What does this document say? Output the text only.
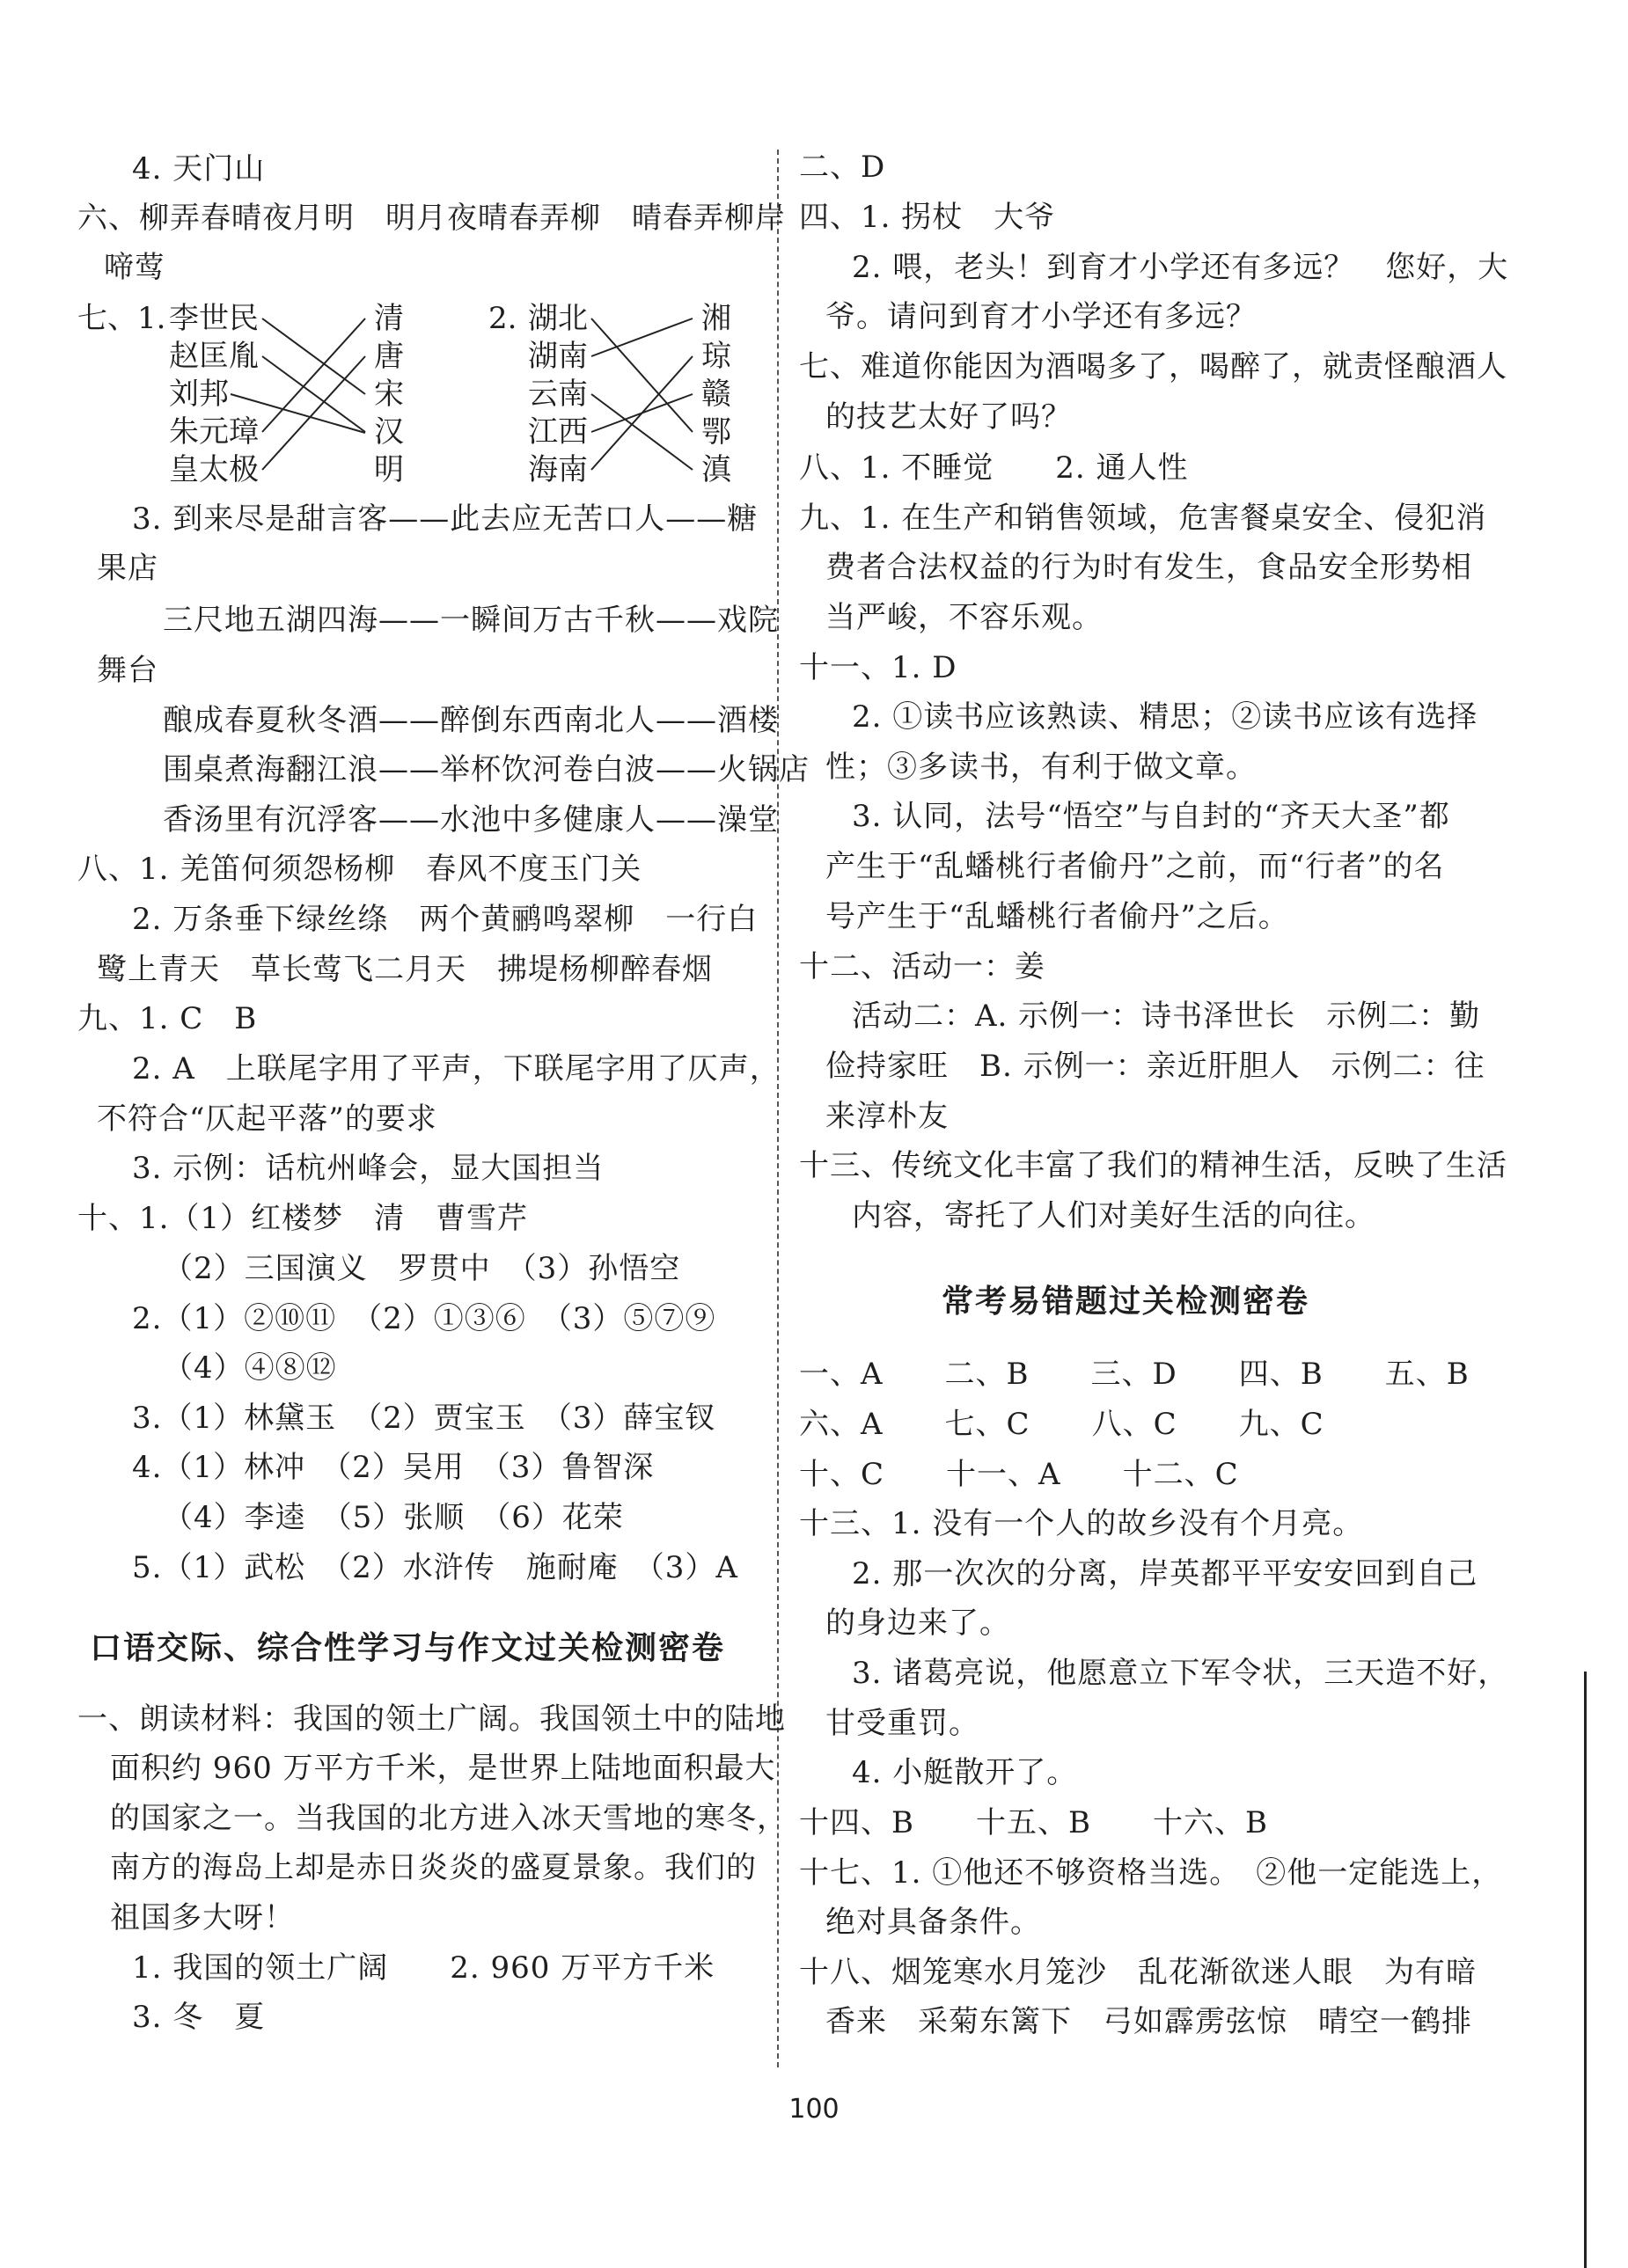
4. 天门山
六、柳弄春晴夜月明　明月夜晴春弄柳　晴春弄柳岸
啼莺
七、1. 李世民
赵匡胤
刘邦
朱元璋
皇太极
清
唐
宋
汉
明
2. 湖北
湖南
云南
江西
海南
湘
琼
赣
鄂
滇
3. 到来尽是甜言客——此去应无苦口人——糖
果店
三尺地五湖四海——一瞬间万古千秋——戏院
舞台
酿成春夏秋冬酒——醉倒东西南北人——酒楼
围桌煮海翻江浪——举杯饮河卷白波——火锅店
香汤里有沉浮客——水池中多健康人——澡堂
八、1. 羌笛何须怨杨柳　春风不度玉门关
2. 万条垂下绿丝绦　两个黄鹂鸣翠柳　一行白
鹭上青天　草长莺飞二月天　拂堤杨柳醉春烟
九、1. C　B
2. A　上联尾字用了平声，下联尾字用了仄声，
不符合“仄起平落”的要求
3. 示例：话杭州峰会，显大国担当
十、1.（1）红楼梦　清　曹雪芹
（2）三国演义　罗贯中　（3）孙悟空
2.（1）②⑩⑪　（2）①③⑥　（3）⑤⑦⑨
（4）④⑧⑫
3.（1）林黛玉　（2）贾宝玉　（3）薛宝钗
4.（1）林冲　（2）吴用　（3）鲁智深
（4）李逵　（5）张顺　（6）花荣
5.（1）武松　（2）水浒传　施耐庵　（3）A
口语交际、综合性学习与作文过关检测密卷
一、朗读材料：我国的领土广阔。我国领土中的陆地
面积约 960 万平方千米，是世界上陆地面积最大
的国家之一。当我国的北方进入冰天雪地的寒冬，
南方的海岛上却是赤日炎炎的盛夏景象。我们的
祖国多大呀！
1. 我国的领土广阔　　2. 960 万平方千米
3. 冬　夏
二、D
四、1. 拐杖　大爷
2. 喂，老头！到育才小学还有多远？　您好，大
爷。请问到育才小学还有多远？
七、难道你能因为酒喝多了，喝醉了，就责怪酿酒人
的技艺太好了吗？
八、1. 不睡觉　　2. 通人性
九、1. 在生产和销售领域，危害餐桌安全、侵犯消
费者合法权益的行为时有发生，食品安全形势相
当严峻，不容乐观。
十一、1. D
2. ①读书应该熟读、精思；②读书应该有选择
性；③多读书，有利于做文章。
3. 认同，法号“悟空”与自封的“齐天大圣”都
产生于“乱蟠桃行者偷丹”之前，而“行者”的名
号产生于“乱蟠桃行者偷丹”之后。
十二、活动一：姜
活动二：A. 示例一：诗书泽世长　示例二：勤
俭持家旺　B. 示例一：亲近肝胆人　示例二：往
来淳朴友
十三、传统文化丰富了我们的精神生活，反映了生活
内容，寄托了人们对美好生活的向往。
常考易错题过关检测密卷
一、A　　二、B　　三、D　　四、B　　五、B
六、A　　七、C　　八、C　　九、C
十、C　　十一、A　　十二、C
十三、1. 没有一个人的故乡没有个月亮。
2. 那一次次的分离，岸英都平平安安回到自己
的身边来了。
3. 诸葛亮说，他愿意立下军令状，三天造不好，
甘受重罚。
4. 小艇散开了。
十四、B　　十五、B　　十六、B
十七、1. ①他还不够资格当选。　②他一定能选上，
绝对具备条件。
十八、烟笼寒水月笼沙　乱花渐欲迷人眼　为有暗
香来　采菊东篱下　弓如霹雳弦惊　晴空一鹤排
100
